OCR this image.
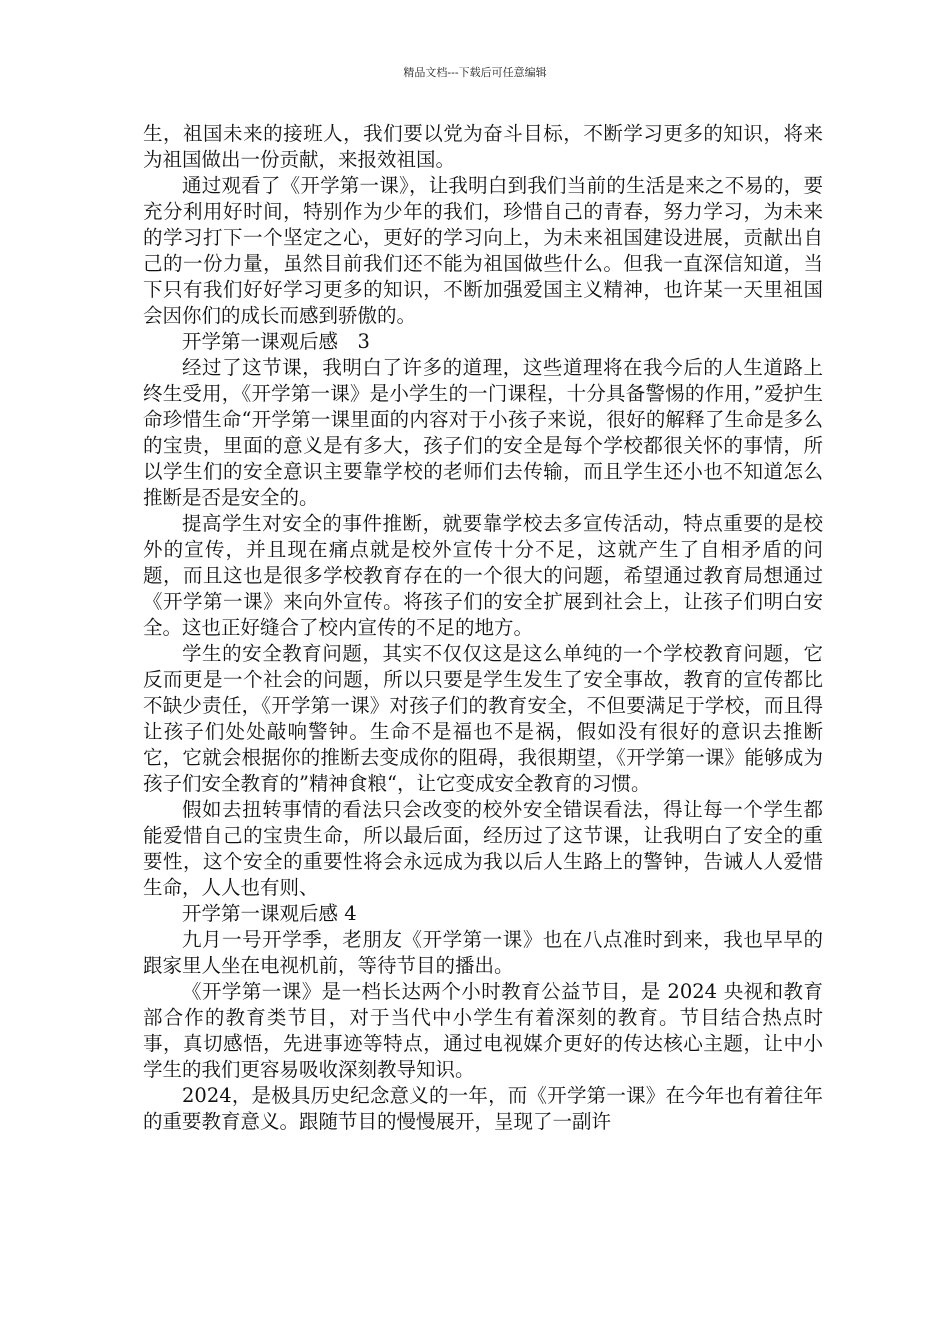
精品文档---下载后可任意编辑

生，祖国未来的接班人，我们要以党为奋斗目标，不断学习更多的知识，将来为祖国做出一份贡献，来报效祖国。

通过观看了《开学第一课》，让我明白到我们当前的生活是来之不易的，要充分利用好时间，特别作为少年的我们，珍惜自己的青春，努力学习，为未来的学习打下一个坚定之心，更好的学习向上，为未来祖国建设进展，贡献出自己的一份力量，虽然目前我们还不能为祖国做些什么。但我一直深信知道，当下只有我们好好学习更多的知识，不断加强爱国主义精神，也许某一天里祖国会因你们的成长而感到骄傲的。

开学第一课观后感　3

经过了这节课，我明白了许多的道理，这些道理将在我今后的人生道路上终生受用，《开学第一课》是小学生的一门课程，十分具备警惕的作用，”爱护生命珍惜生命“开学第一课里面的内容对于小孩子来说，很好的解释了生命是多么的宝贵，里面的意义是有多大，孩子们的安全是每个学校都很关怀的事情，所以学生们的安全意识主要靠学校的老师们去传输，而且学生还小也不知道怎么推断是否是安全的。

提高学生对安全的事件推断，就要靠学校去多宣传活动，特点重要的是校外的宣传，并且现在痛点就是校外宣传十分不足，这就产生了自相矛盾的问题，而且这也是很多学校教育存在的一个很大的问题，希望通过教育局想通过《开学第一课》来向外宣传。将孩子们的安全扩展到社会上，让孩子们明白安全。这也正好缝合了校内宣传的不足的地方。

学生的安全教育问题，其实不仅仅这是这么单纯的一个学校教育问题，它反而更是一个社会的问题，所以只要是学生发生了安全事故，教育的宣传都比不缺少责任，《开学第一课》对孩子们的教育安全，不但要满足于学校，而且得让孩子们处处敲响警钟。生命不是福也不是祸，假如没有很好的意识去推断它，它就会根据你的推断去变成你的阻碍，我很期望，《开学第一课》能够成为孩子们安全教育的”精神食粮“，让它变成安全教育的习惯。

假如去扭转事情的看法只会改变的校外安全错误看法，得让每一个学生都能爱惜自己的宝贵生命，所以最后面，经历过了这节课，让我明白了安全的重要性，这个安全的重要性将会永远成为我以后人生路上的警钟，告诫人人爱惜生命，人人也有则、

开学第一课观后感 4

九月一号开学季，老朋友《开学第一课》也在八点准时到来，我也早早的跟家里人坐在电视机前，等待节目的播出。

《开学第一课》是一档长达两个小时教育公益节目，是 2024 央视和教育部合作的教育类节目，对于当代中小学生有着深刻的教育。节目结合热点时事，真切感悟，先进事迹等特点，通过电视媒介更好的传达核心主题，让中小学生的我们更容易吸收深刻教导知识。

2024，是极具历史纪念意义的一年，而《开学第一课》在今年也有着往年的重要教育意义。跟随节目的慢慢展开，呈现了一副许
